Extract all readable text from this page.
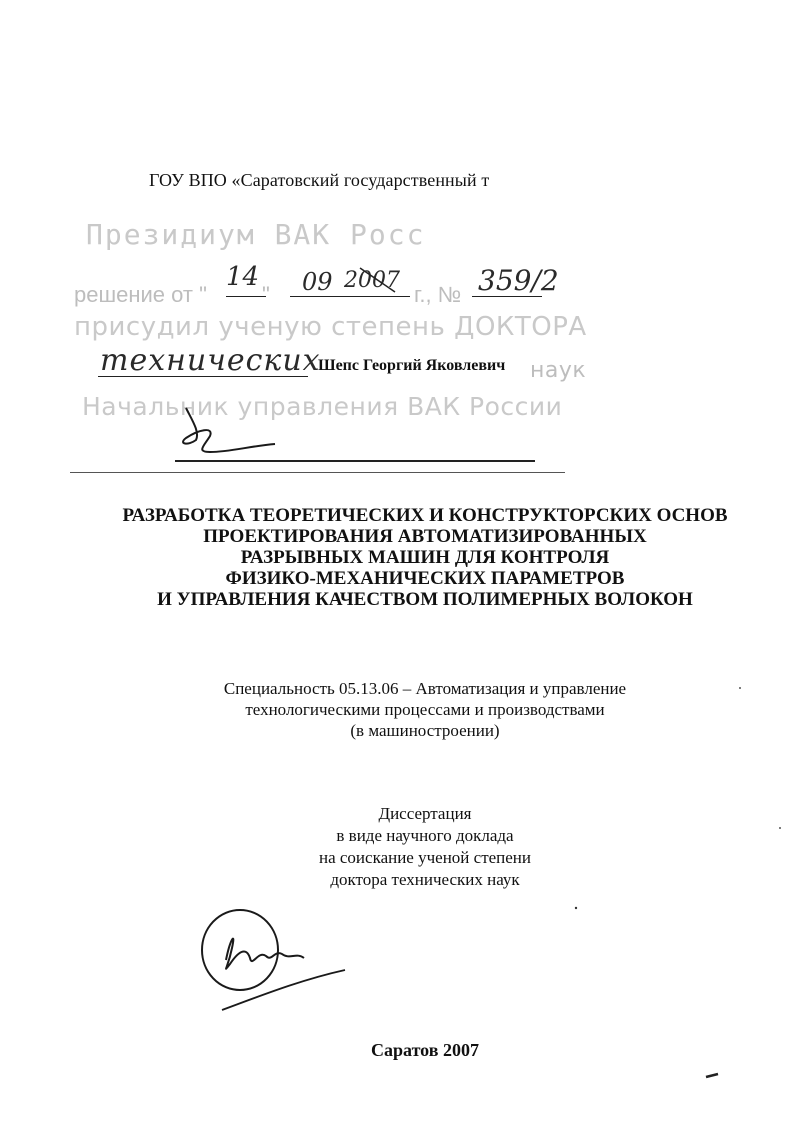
ГОУ ВПО «Саратовский государственный т
Президиум ВАК Росс
решение от "	"	г., №
14 09 2007	359/2
присудил ученую степень ДОКТОРА
технических
Шепс Георгий Яковлевич наук
Начальник управления ВАК России
РАЗРАБОТКА ТЕОРЕТИЧЕСКИХ И КОНСТРУКТОРСКИХ ОСНОВ
ПРОЕКТИРОВАНИЯ АВТОМАТИЗИРОВАННЫХ
РАЗРЫВНЫХ МАШИН ДЛЯ КОНТРОЛЯ
ФИЗИКО-МЕХАНИЧЕСКИХ ПАРАМЕТРОВ
И УПРАВЛЕНИЯ КАЧЕСТВОМ ПОЛИМЕРНЫХ ВОЛОКОН
Специальность 05.13.06 – Автоматизация и управление
технологическими процессами и производствами
(в машиностроении)
Диссертация
в виде научного доклада
на соискание ученой степени
доктора технических наук
Саратов 2007
